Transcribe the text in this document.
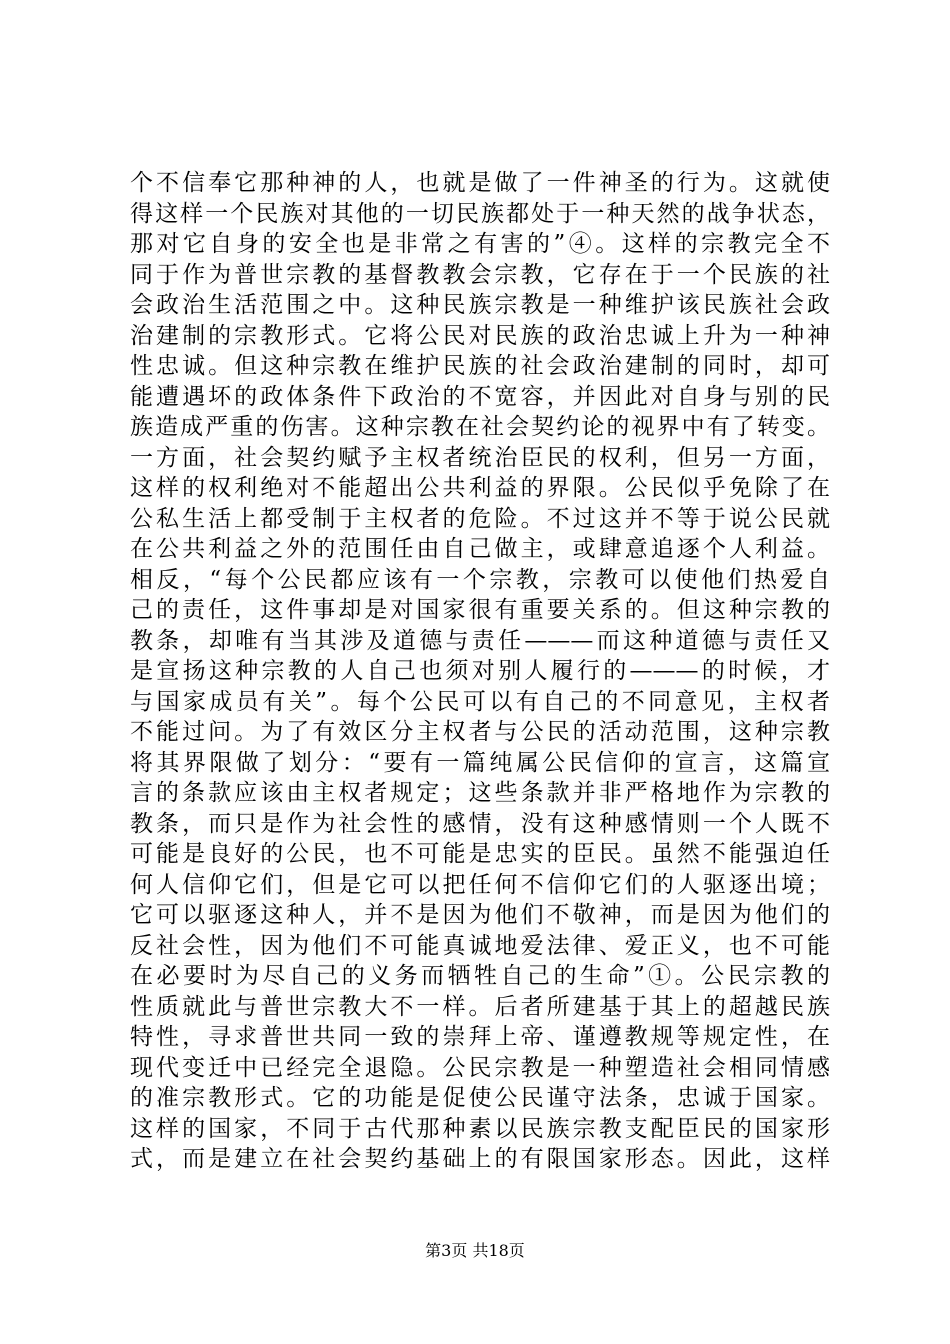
个不信奉它那种神的人，也就是做了一件神圣的行为。这就使
得这样一个民族对其他的一切民族都处于一种天然的战争状态，
那对它自身的安全也是非常之有害的”④。这样的宗教完全不
同于作为普世宗教的基督教教会宗教，它存在于一个民族的社
会政治生活范围之中。这种民族宗教是一种维护该民族社会政
治建制的宗教形式。它将公民对民族的政治忠诚上升为一种神
性忠诚。但这种宗教在维护民族的社会政治建制的同时，却可
能遭遇坏的政体条件下政治的不宽容，并因此对自身与别的民
族造成严重的伤害。这种宗教在社会契约论的视界中有了转变。
一方面，社会契约赋予主权者统治臣民的权利，但另一方面，
这样的权利绝对不能超出公共利益的界限。公民似乎免除了在
公私生活上都受制于主权者的危险。不过这并不等于说公民就
在公共利益之外的范围任由自己做主，或肆意追逐个人利益。
相反，“每个公民都应该有一个宗教，宗教可以使他们热爱自
己的责任，这件事却是对国家很有重要关系的。但这种宗教的
教条，却唯有当其涉及道德与责任———而这种道德与责任又
是宣扬这种宗教的人自己也须对别人履行的———的时候，才
与国家成员有关”。每个公民可以有自己的不同意见，主权者
不能过问。为了有效区分主权者与公民的活动范围，这种宗教
将其界限做了划分：“要有一篇纯属公民信仰的宣言，这篇宣
言的条款应该由主权者规定；这些条款并非严格地作为宗教的
教条，而只是作为社会性的感情，没有这种感情则一个人既不
可能是良好的公民，也不可能是忠实的臣民。虽然不能强迫任
何人信仰它们，但是它可以把任何不信仰它们的人驱逐出境；
它可以驱逐这种人，并不是因为他们不敬神，而是因为他们的
反社会性，因为他们不可能真诚地爱法律、爱正义，也不可能
在必要时为尽自己的义务而牺牲自己的生命”①。公民宗教的
性质就此与普世宗教大不一样。后者所建基于其上的超越民族
特性，寻求普世共同一致的崇拜上帝、谨遵教规等规定性，在
现代变迁中已经完全退隐。公民宗教是一种塑造社会相同情感
的准宗教形式。它的功能是促使公民谨守法条，忠诚于国家。
这样的国家，不同于古代那种素以民族宗教支配臣民的国家形
式，而是建立在社会契约基础上的有限国家形态。因此，这样
第3页 共18页
